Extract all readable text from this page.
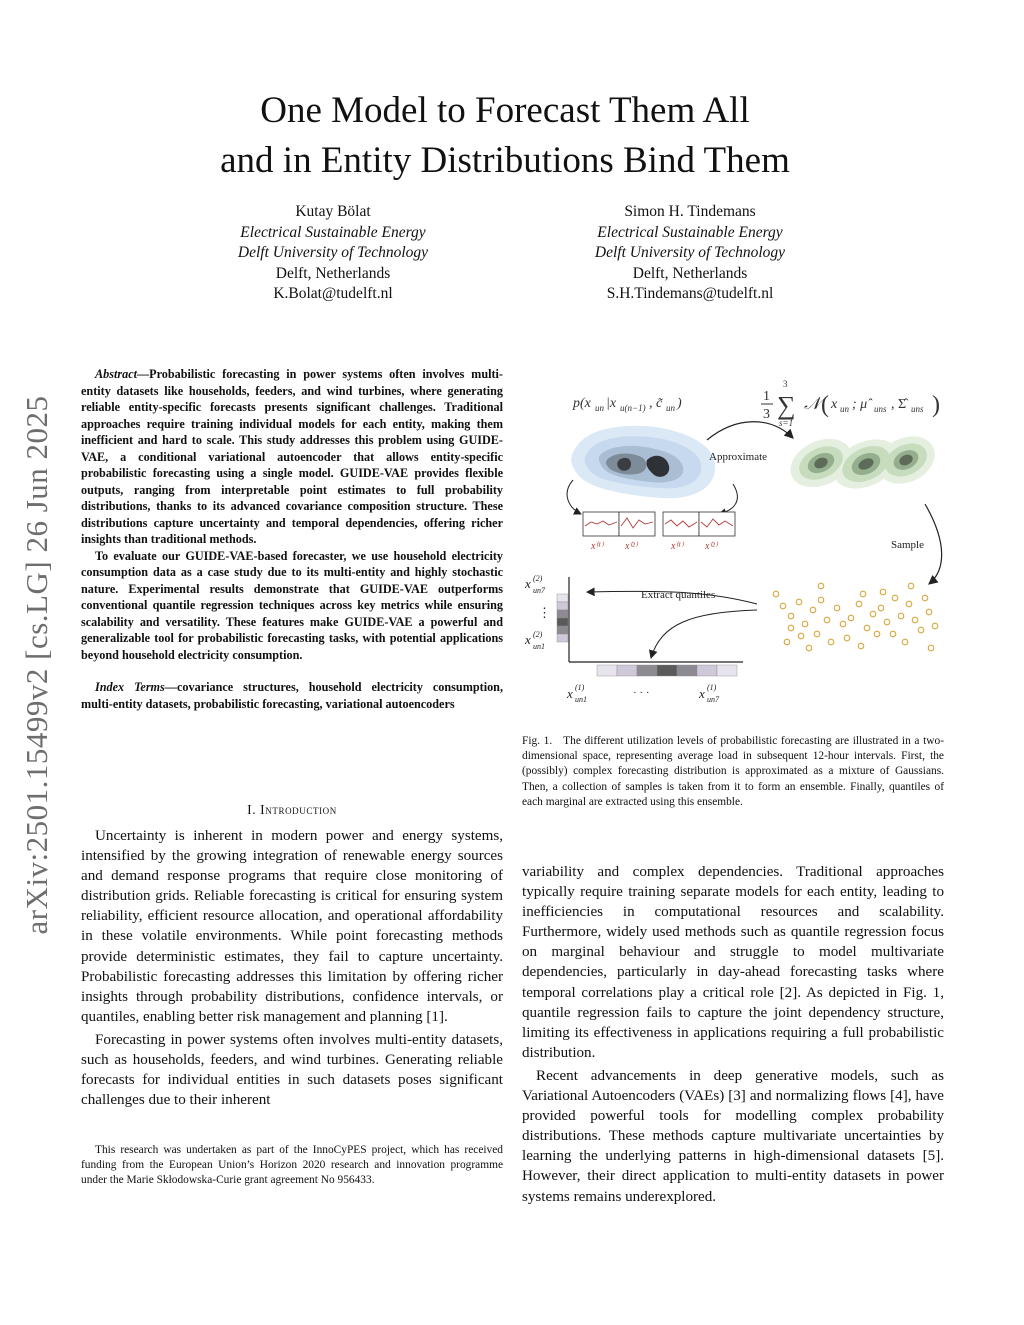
arXiv:2501.15499v2 [cs.LG] 26 Jun 2025
One Model to Forecast Them All
and in Entity Distributions Bind Them
Kutay Bölat
Electrical Sustainable Energy
Delft University of Technology
Delft, Netherlands
K.Bolat@tudelft.nl
Simon H. Tindemans
Electrical Sustainable Energy
Delft University of Technology
Delft, Netherlands
S.H.Tindemans@tudelft.nl

Abstract—Probabilistic forecasting in power systems often involves multi-entity datasets like households, feeders, and wind turbines, where generating reliable entity-specific forecasts presents significant challenges. Traditional approaches require training individual models for each entity, making them inefficient and hard to scale. This study addresses this problem using GUIDE-VAE, a conditional variational autoencoder that allows entity-specific probabilistic forecasting using a single model. GUIDE-VAE provides flexible outputs, ranging from interpretable point estimates to full probability distributions, thanks to its advanced covariance composition structure. These distributions capture uncertainty and temporal dependencies, offering richer insights than traditional methods.

To evaluate our GUIDE-VAE-based forecaster, we use household electricity consumption data as a case study due to its multi-entity and highly stochastic nature. Experimental results demonstrate that GUIDE-VAE outperforms conventional quantile regression techniques across key metrics while ensuring scalability and versatility. These features make GUIDE-VAE a powerful and generalizable tool for probabilistic forecasting tasks, with potential applications beyond household electricity consumption.

Index Terms—covariance structures, household electricity consumption, multi-entity datasets, probabilistic forecasting, variational autoencoders

I. Introduction

Uncertainty is inherent in modern power and energy systems, intensified by the growing integration of renewable energy sources and demand response programs that require close monitoring of distribution grids. Reliable forecasting is critical for ensuring system reliability, efficient resource allocation, and operational affordability in these volatile environments. While point forecasting methods provide deterministic estimates, they fail to capture uncertainty. Probabilistic forecasting addresses this limitation by offering richer insights through probability distributions, confidence intervals, or quantiles, enabling better risk management and planning [1].

Forecasting in power systems often involves multi-entity datasets, such as households, feeders, and wind turbines. Generating reliable forecasts for individual entities in such datasets poses significant challenges due to their inherent

This research was undertaken as part of the InnoCyPES project, which has received funding from the European Union’s Horizon 2020 research and innovation programme under the Marie Skłodowska-Curie grant agreement No 956433.

p(x un |x u(n−1) , c̃ un )	1
3
3
∑
s=1
𝒩 ( x un ; μ̂ uns , Σ̂ uns )
Approximate
Sample
x⁽¹⁾ x⁽²⁾	x⁽¹⁾ x⁽²⁾
x (2)
un7
x (2)
un1
x (1)
un1	x (1)
un7
⋮
· · ·
Extract quantiles
Fig. 1. The different utilization levels of probabilistic forecasting are illustrated in a two-dimensional space, representing average load in subsequent 12-hour intervals. First, the (possibly) complex forecasting distribution is approximated as a mixture of Gaussians. Then, a collection of samples is taken from it to form an ensemble. Finally, quantiles of each marginal are extracted using this ensemble.

variability and complex dependencies. Traditional approaches typically require training separate models for each entity, leading to inefficiencies in computational resources and scalability. Furthermore, widely used methods such as quantile regression focus on marginal behaviour and struggle to model multivariate dependencies, particularly in day-ahead forecasting tasks where temporal correlations play a critical role [2]. As depicted in Fig. 1, quantile regression fails to capture the joint dependency structure, limiting its effectiveness in applications requiring a full probabilistic distribution.

Recent advancements in deep generative models, such as Variational Autoencoders (VAEs) [3] and normalizing flows [4], have provided powerful tools for modelling complex probability distributions. These methods capture multivariate uncertainties by learning the underlying patterns in high-dimensional datasets [5]. However, their direct application to multi-entity datasets in power systems remains underexplored.
